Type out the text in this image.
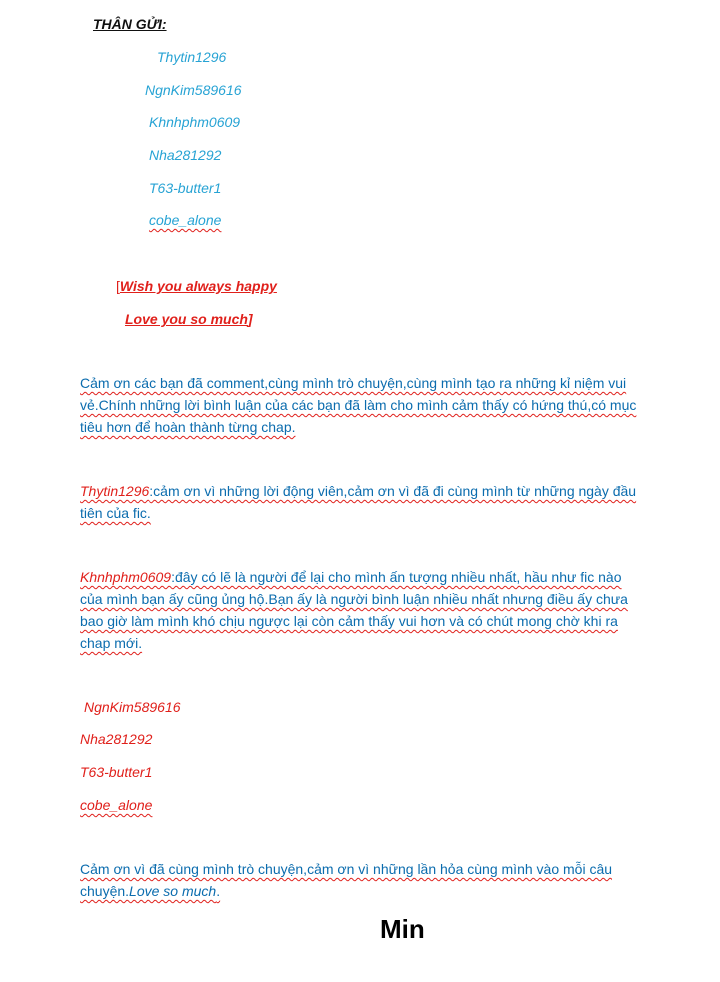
THÂN GỬI:
Thytin1296
NgnKim589616
Khnhphm0609
Nha281292
T63-butter1
cobe_alone
[Wish you always happy
Love you so much]
Cảm ơn các bạn đã comment,cùng mình trò chuyện,cùng mình tạo ra những kỉ niệm vui vẻ.Chính những lời bình luận của các bạn đã làm cho mình cảm thấy có hứng thú,có mục tiêu hơn để hoàn thành từng chap.
Thytin1296:cảm ơn vì những lời động viên,cảm ơn vì đã đi cùng mình từ những ngày đầu tiên của fic.
Khnhphm0609:đây có lẽ là người để lại cho mình ấn tượng nhiều nhất, hầu như fic nào của mình bạn ấy cũng ủng hộ.Bạn ấy là người bình luận nhiều nhất nhưng điều ấy chưa bao giờ làm mình khó chịu ngược lại còn cảm thấy vui hơn và có chút mong chờ khi ra chap mới.
NgnKim589616
Nha281292
T63-butter1
cobe_alone
Cảm ơn vì đã cùng mình trò chuyện,cảm ơn vì những lần hỏa cùng mình vào mỗi câu chuyện.Love so much.
Min
